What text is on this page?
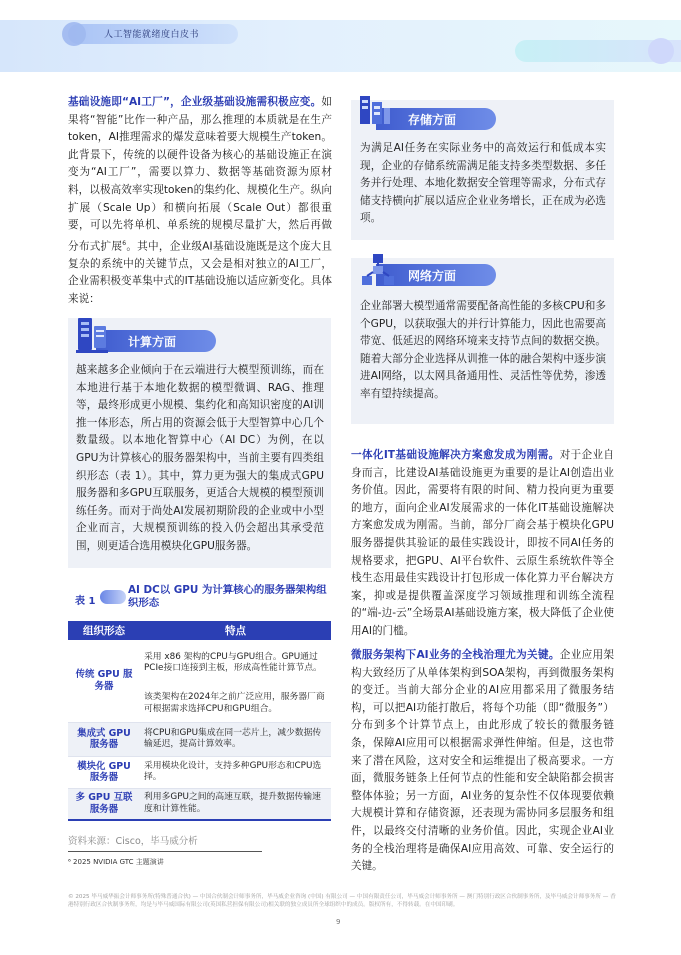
人工智能就绪度白皮书

基础设施即“AI工厂”，企业级基础设施需积极应变。如果将“智能”比作一种产品，那么推理的本质就是在生产token，AI推理需求的爆发意味着要大规模生产token。此背景下，传统的以硬件设备为核心的基础设施正在演变为“AI工厂”，需要以算力、数据等基础资源为原材料，以极高效率实现token的集约化、规模化生产。纵向扩展（Scale Up）和横向拓展（Scale Out）都很重要，可以先将单机、单系统的规模尽量扩大，然后再做分布式扩展$^6$。其中，企业级AI基础设施既是这个庞大且复杂的系统中的关键节点，又会是相对独立的AI工厂，企业需积极变革集中式的IT基础设施以适应新变化。具体来说：

越来越多企业倾向于在云端进行大模型预训练，而在本地进行基于本地化数据的模型微调、RAG、推理等，最终形成更小规模、集约化和高知识密度的AI训推一体形态，所占用的资源会低于大型智算中心几个数量级。以本地化智算中心（AI DC）为例，在以GPU为计算核心的服务器架构中，当前主要有四类组织形态（表 1）。其中，算力更为强大的集成式GPU服务器和多GPU互联服务，更适合大规模的模型预训练任务。而对于尚处AI发展初期阶段的企业或中小型企业而言，大规模预训练的投入仍会超出其承受范围，则更适合选用模块化GPU服务器。

计算方面
表 1
AI DC以 GPU 为计算核心的服务器架构组织形态
组织形态	特点
传统 GPU 服务器	采用 x86 架构的CPU与GPU组合。GPU通过PCIe接口连接到主板，形成高性能计算节点。
	该类架构在2024年之前广泛应用，服务器厂商可根据需求选择CPU和GPU组合。
集成式 GPU 服务器	将CPU和GPU集成在同一芯片上，减少数据传输延迟，提高计算效率。
模块化 GPU 服务器	采用模块化设计，支持多种GPU形态和CPU选择。
多 GPU 互联服务器	利用多GPU之间的高速互联，提升数据传输速度和计算性能。
资料来源：Cisco，毕马威分析
⁶ 2025 NVIDIA GTC 主题演讲

为满足AI任务在实际业务中的高效运行和低成本实现，企业的存储系统需满足能支持多类型数据、多任务并行处理、本地化数据安全管理等需求，分布式存储支持横向扩展以适应企业业务增长，正在成为必选项。

存储方面

企业部署大模型通常需要配备高性能的多核CPU和多个GPU，以获取强大的并行计算能力，因此也需要高带宽、低延迟的网络环境来支持节点间的数据交换。随着大部分企业选择从训推一体的融合架构中逐步演进AI网络，以太网具备通用性、灵活性等优势，渗透率有望持续提高。

网络方面

一体化IT基础设施解决方案愈发成为刚需。对于企业自身而言，比建设AI基础设施更为重要的是让AI创造出业务价值。因此，需要将有限的时间、精力投向更为重要的地方，面向企业AI发展需求的一体化IT基础设施解决方案愈发成为刚需。当前，部分厂商会基于模块化GPU服务器提供其验证的最佳实践设计，即按不同AI任务的规格要求，把GPU、AI平台软件、云原生系统软件等全栈生态用最佳实践设计打包形成一体化算力平台解决方案，抑或是提供覆盖深度学习领域推理和训练全流程的“端-边-云”全场景AI基础设施方案，极大降低了企业使用AI的门槛。

微服务架构下AI业务的全栈治理尤为关键。企业应用架构大致经历了从单体架构到SOA架构，再到微服务架构的变迁。当前大部分企业的AI应用都采用了微服务结构，可以把AI功能打散后，将每个功能（即“微服务”）分布到多个计算节点上，由此形成了较长的微服务链条，保障AI应用可以根据需求弹性伸缩。但是，这也带来了潜在风险，这对安全和运维提出了极高要求。一方面，微服务链条上任何节点的性能和安全缺陷都会损害整体体验；另一方面，AI业务的复杂性不仅体现要依赖大规模计算和存储资源，还表现为需协同多层服务和组件，以最终交付清晰的业务价值。因此，实现企业AI业务的全栈治理将是确保AI应用高效、可靠、安全运行的关键。

© 2025 毕马威华振会计师事务所(特殊普通合伙) — 中国合伙制会计师事务所，毕马威企业咨询 (中国) 有限公司 — 中国有限责任公司，毕马威会计师事务所 — 澳门特别行政区合伙制事务所，及毕马威会计师事务所 — 香港特别行政区合伙制事务所，均是与毕马威国际有限公司(英国私营担保有限公司)相关联的独立成员所全球组织中的成员。版权所有，不得转载。在中国印刷。
9
